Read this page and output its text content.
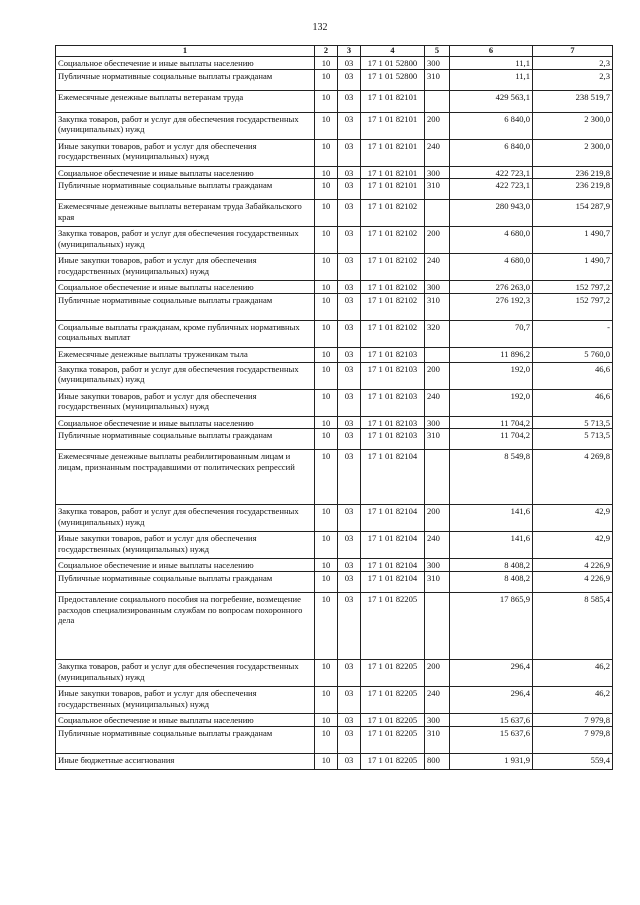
132
1	2	3	4	5	6	7
Социальное обеспечение и иные выплаты населению	10	03	17 1 01 52800	300	11,1	2,3
Публичные нормативные социальные выплаты гражданам	10	03	17 1 01 52800	310	11,1	2,3
Ежемесячные денежные выплаты ветеранам труда	10	03	17 1 01 82101		429 563,1	238 519,7
Закупка товаров, работ и услуг для обеспечения государственных (муниципальных) нужд	10	03	17 1 01 82101	200	6 840,0	2 300,0
Иные закупки товаров, работ и услуг для обеспечения государственных (муниципальных) нужд	10	03	17 1 01 82101	240	6 840,0	2 300,0
Социальное обеспечение и иные выплаты населению	10	03	17 1 01 82101	300	422 723,1	236 219,8
Публичные нормативные социальные выплаты гражданам	10	03	17 1 01 82101	310	422 723,1	236 219,8
Ежемесячные денежные выплаты ветеранам труда Забайкальского края	10	03	17 1 01 82102		280 943,0	154 287,9
Закупка товаров, работ и услуг для обеспечения государственных (муниципальных) нужд	10	03	17 1 01 82102	200	4 680,0	1 490,7
Иные закупки товаров, работ и услуг для обеспечения государственных (муниципальных) нужд	10	03	17 1 01 82102	240	4 680,0	1 490,7
Социальное обеспечение и иные выплаты населению	10	03	17 1 01 82102	300	276 263,0	152 797,2
Публичные нормативные социальные выплаты гражданам	10	03	17 1 01 82102	310	276 192,3	152 797,2
Социальные выплаты гражданам, кроме публичных нормативных социальных выплат	10	03	17 1 01 82102	320	70,7	-
Ежемесячные денежные выплаты труженикам тыла	10	03	17 1 01 82103		11 896,2	5 760,0
Закупка товаров, работ и услуг для обеспечения государственных (муниципальных) нужд	10	03	17 1 01 82103	200	192,0	46,6
Иные закупки товаров, работ и услуг для обеспечения государственных (муниципальных) нужд	10	03	17 1 01 82103	240	192,0	46,6
Социальное обеспечение и иные выплаты населению	10	03	17 1 01 82103	300	11 704,2	5 713,5
Публичные нормативные социальные выплаты гражданам	10	03	17 1 01 82103	310	11 704,2	5 713,5
Ежемесячные денежные выплаты реабилитированным лицам и лицам, признанным пострадавшими от политических репрессий	10	03	17 1 01 82104		8 549,8	4 269,8
Закупка товаров, работ и услуг для обеспечения государственных (муниципальных) нужд	10	03	17 1 01 82104	200	141,6	42,9
Иные закупки товаров, работ и услуг для обеспечения государственных (муниципальных) нужд	10	03	17 1 01 82104	240	141,6	42,9
Социальное обеспечение и иные выплаты населению	10	03	17 1 01 82104	300	8 408,2	4 226,9
Публичные нормативные социальные выплаты гражданам	10	03	17 1 01 82104	310	8 408,2	4 226,9
Предоставление социального пособия на погребение, возмещение расходов специализированным службам по вопросам похоронного дела	10	03	17 1 01 82205		17 865,9	8 585,4
Закупка товаров, работ и услуг для обеспечения государственных (муниципальных) нужд	10	03	17 1 01 82205	200	296,4	46,2
Иные закупки товаров, работ и услуг для обеспечения государственных (муниципальных) нужд	10	03	17 1 01 82205	240	296,4	46,2
Социальное обеспечение и иные выплаты населению	10	03	17 1 01 82205	300	15 637,6	7 979,8
Публичные нормативные социальные выплаты гражданам	10	03	17 1 01 82205	310	15 637,6	7 979,8
Иные бюджетные ассигнования	10	03	17 1 01 82205	800	1 931,9	559,4
